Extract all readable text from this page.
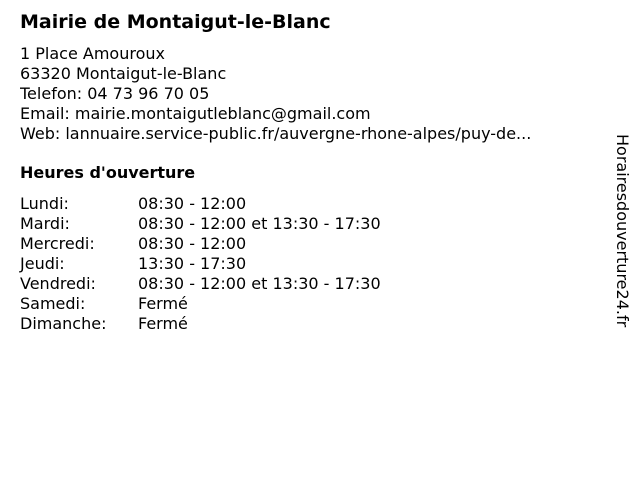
Mairie de Montaigut-le-Blanc
1 Place Amouroux
63320 Montaigut-le-Blanc
Telefon: 04 73 96 70 05
Email: mairie.montaigutleblanc@gmail.com
Web: lannuaire.service-public.fr/auvergne-rhone-alpes/puy-de...
Heures d'ouverture
Lundi:	08:30 - 12:00
Mardi:	08:30 - 12:00 et 13:30 - 17:30
Mercredi:	08:30 - 12:00
Jeudi:	13:30 - 17:30
Vendredi:	08:30 - 12:00 et 13:30 - 17:30
Samedi:	Fermé
Dimanche:	Fermé	Horairesdouverture24.fr
